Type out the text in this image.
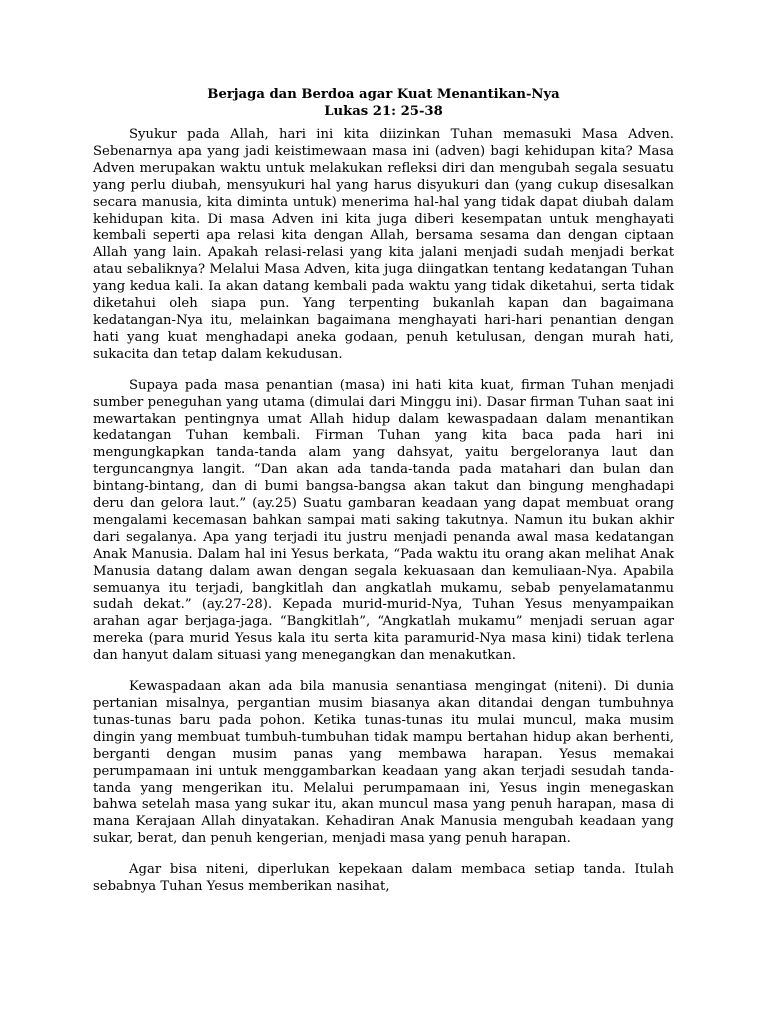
Berjaga dan Berdoa agar Kuat Menantikan-Nya

Lukas 21: 25-38

Syukur pada Allah, hari ini kita diizinkan Tuhan memasuki Masa Adven. Sebenarnya apa yang jadi keistimewaan masa ini (adven) bagi kehidupan kita? Masa Adven merupakan waktu untuk melakukan refleksi diri dan mengubah segala sesuatu yang perlu diubah, mensyukuri hal yang harus disyukuri dan (yang cukup disesalkan secara manusia, kita diminta untuk) menerima hal-hal yang tidak dapat diubah dalam kehidupan kita. Di masa Adven ini kita juga diberi kesempatan untuk menghayati kembali seperti apa relasi kita dengan Allah, bersama sesama dan dengan ciptaan Allah yang lain. Apakah relasi-relasi yang kita jalani menjadi sudah menjadi berkat atau sebaliknya? Melalui Masa Adven, kita juga diingatkan tentang kedatangan Tuhan yang kedua kali. Ia akan datang kembali pada waktu yang tidak diketahui, serta tidak diketahui oleh siapa pun. Yang terpenting bukanlah kapan dan bagaimana kedatangan-Nya itu, melainkan bagaimana menghayati hari-hari penantian dengan hati yang kuat menghadapi aneka godaan, penuh ketulusan, dengan murah hati, sukacita dan tetap dalam kekudusan.

Supaya pada masa penantian (masa) ini hati kita kuat, firman Tuhan menjadi sumber peneguhan yang utama (dimulai dari Minggu ini). Dasar firman Tuhan saat ini mewartakan pentingnya umat Allah hidup dalam kewaspadaan dalam menantikan kedatangan Tuhan kembali. Firman Tuhan yang kita baca pada hari ini mengungkapkan tanda-tanda alam yang dahsyat, yaitu bergeloranya laut dan terguncangnya langit. “Dan akan ada tanda-tanda pada matahari dan bulan dan bintang-bintang, dan di bumi bangsa-bangsa akan takut dan bingung menghadapi deru dan gelora laut.” (ay.25) Suatu gambaran keadaan yang dapat membuat orang mengalami kecemasan bahkan sampai mati saking takutnya. Namun itu bukan akhir dari segalanya. Apa yang terjadi itu justru menjadi penanda awal masa kedatangan Anak Manusia. Dalam hal ini Yesus berkata, “Pada waktu itu orang akan melihat Anak Manusia datang dalam awan dengan segala kekuasaan dan kemuliaan-Nya. Apabila semuanya itu terjadi, bangkitlah dan angkatlah mukamu, sebab penyelamatanmu sudah dekat.” (ay.27-28). Kepada murid-murid-Nya, Tuhan Yesus menyampaikan arahan agar berjaga-jaga. “Bangkitlah”, “Angkatlah mukamu” menjadi seruan agar mereka (para murid Yesus kala itu serta kita paramurid-Nya masa kini) tidak terlena dan hanyut dalam situasi yang menegangkan dan menakutkan.

Kewaspadaan akan ada bila manusia senantiasa mengingat (niteni). Di dunia pertanian misalnya, pergantian musim biasanya akan ditandai dengan tumbuhnya tunas-tunas baru pada pohon. Ketika tunas-tunas itu mulai muncul, maka musim dingin yang membuat tumbuh-tumbuhan tidak mampu bertahan hidup akan berhenti, berganti dengan musim panas yang membawa harapan. Yesus memakai perumpamaan ini untuk menggambarkan keadaan yang akan terjadi sesudah tanda-tanda yang mengerikan itu. Melalui perumpamaan ini, Yesus ingin menegaskan bahwa setelah masa yang sukar itu, akan muncul masa yang penuh harapan, masa di mana Kerajaan Allah dinyatakan. Kehadiran Anak Manusia mengubah keadaan yang sukar, berat, dan penuh kengerian, menjadi masa yang penuh harapan.

Agar bisa niteni, diperlukan kepekaan dalam membaca setiap tanda. Itulah sebabnya Tuhan Yesus memberikan nasihat,
